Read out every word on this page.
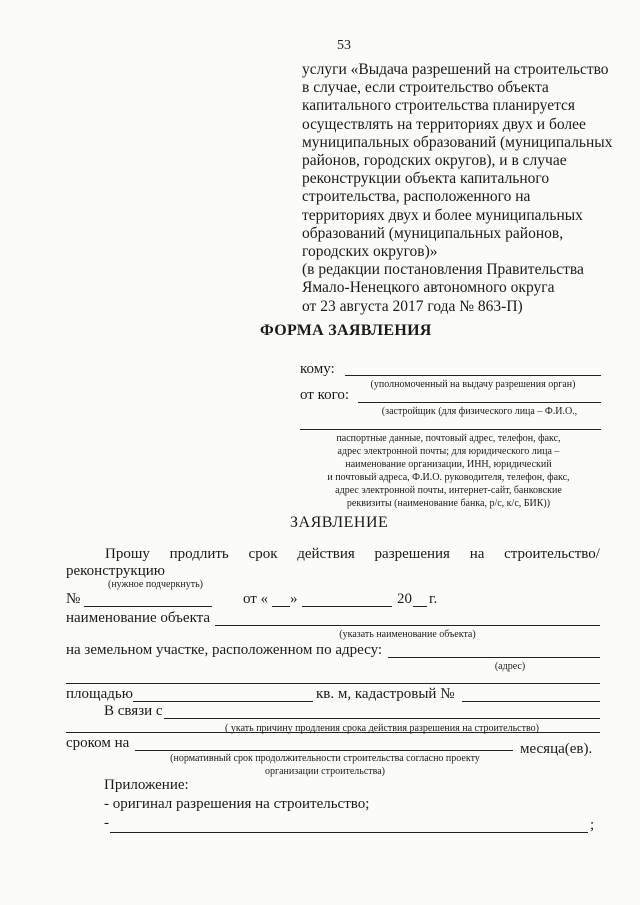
53
услуги «Выдача разрешений на строительство
в случае, если строительство объекта
капитального строительства планируется
осуществлять на территориях двух и более
муниципальных образований (муниципальных
районов, городских округов), и в случае
реконструкции объекта капитального
строительства, расположенного на
территориях двух и более муниципальных
образований (муниципальных районов,
городских округов)»
(в редакции постановления Правительства
Ямало-Ненецкого автономного округа
от 23 августа 2017 года № 863-П)
ФОРМА ЗАЯВЛЕНИЯ
кому:
(уполномоченный на выдачу разрешения орган)
от кого:
(застройщик (для физического лица – Ф.И.О.,
паспортные данные, почтовый адрес, телефон, факс,
адрес электронной почты; для юридического лица –
наименование организации, ИНН, юридический
и почтовый адреса, Ф.И.О. руководителя, телефон, факс,
адрес электронной почты, интернет-сайт, банковские
реквизиты (наименование банка, р/с, к/с, БИК))
ЗАЯВЛЕНИЕ
Прошу продлить срок действия разрешения на строительство/
реконструкцию
(нужное подчеркнуть)
№	от « »	20 г.
наименование объекта
(указать наименование объекта)
на земельном участке, расположенном по адресу:
(адрес)
площадью	кв. м, кадастровый №
В связи с
( укать причину продления срока действия разрешения на строительство)
сроком на	месяца(ев).
(нормативный срок продолжительности строительства согласно проекту
организации строительства)
Приложение:
- оригинал разрешения на строительство;
-	;
